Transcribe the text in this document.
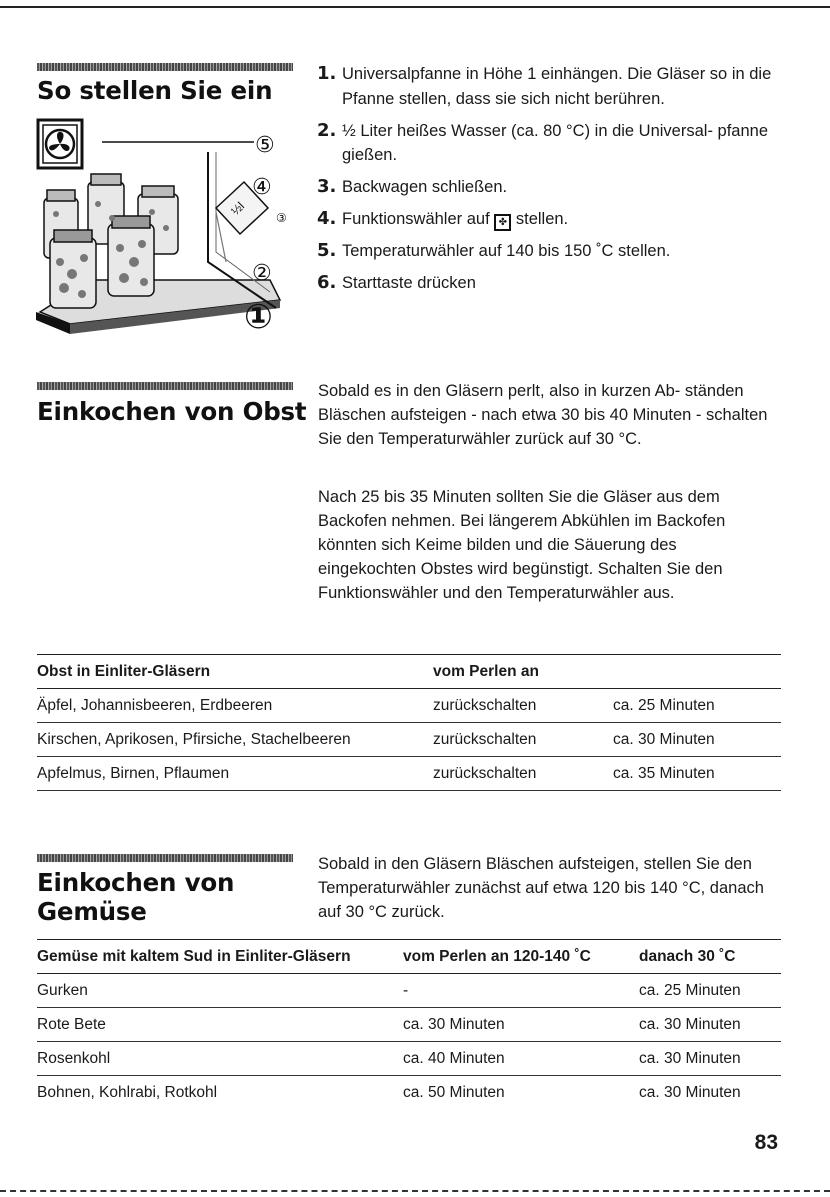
So stellen Sie ein
½l
⑤
④
③
②
①
1. Universalpfanne in Höhe 1 einhängen. Die Gläser so in die Pfanne stellen, dass sie sich nicht berühren.
2. ½ Liter heißes Wasser (ca. 80 °C) in die Universal- pfanne gießen.
3. Backwagen schließen.
4. Funktionswähler auf ✤ stellen.
5. Temperaturwähler auf 140 bis 150 ˚C stellen.
6. Starttaste drücken
Einkochen von Obst
Sobald es in den Gläsern perlt, also in kurzen Ab- ständen Bläschen aufsteigen - nach etwa 30 bis 40 Minuten - schalten Sie den Temperaturwähler zurück auf 30 °C.
Nach 25 bis 35 Minuten sollten Sie die Gläser aus dem Backofen nehmen. Bei längerem Abkühlen im Backofen könnten sich Keime bilden und die Säuerung des eingekochten Obstes wird begünstigt. Schalten Sie den Funktionswähler und den Temperaturwähler aus.
Obst in Einliter-Gläsern	vom Perlen an	
Äpfel, Johannisbeeren, Erdbeeren	zurückschalten	ca. 25 Minuten
Kirschen, Aprikosen, Pfirsiche, Stachelbeeren	zurückschalten	ca. 30 Minuten
Apfelmus, Birnen, Pflaumen	zurückschalten	ca. 35 Minuten
Einkochen von
Gemüse
Sobald in den Gläsern Bläschen aufsteigen, stellen Sie den Temperaturwähler zunächst auf etwa 120 bis 140 °C, danach auf 30 °C zurück.
Gemüse mit kaltem Sud in Einliter-Gläsern	vom Perlen an 120-140 ˚C	danach 30 ˚C
Gurken	-	ca. 25 Minuten
Rote Bete	ca. 30 Minuten	ca. 30 Minuten
Rosenkohl	ca. 40 Minuten	ca. 30 Minuten
Bohnen, Kohlrabi, Rotkohl	ca. 50 Minuten	ca. 30 Minuten
83
